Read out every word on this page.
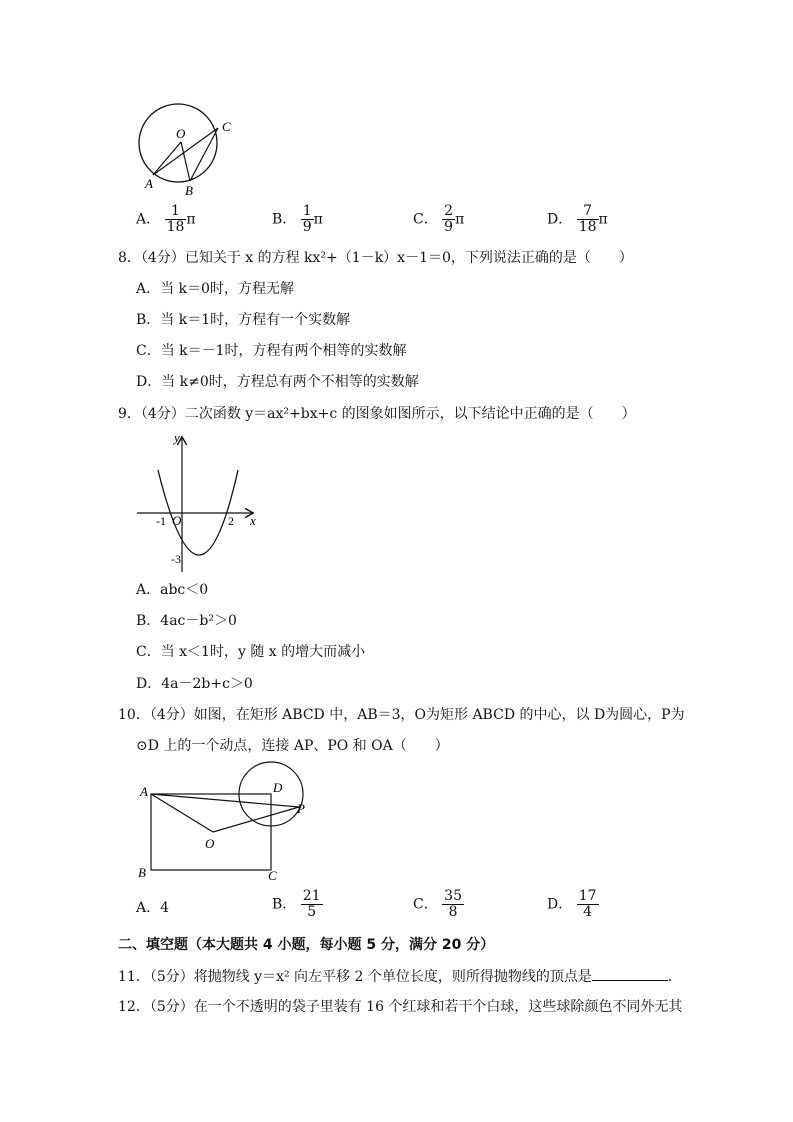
O	C
A B
A． $\frac{1}{18}$ π	B． $\frac{1}{9}$ π	C． $\frac{2}{9}$ π	D． $\frac{7}{18}$ π
8．（4分）已知关于 x 的方程 kx²+（1－k）x－1＝0，下列说法正确的是（　　）
A．当 k＝0时，方程无解
B．当 k＝1时，方程有一个实数解
C．当 k＝－1时，方程有两个相等的实数解
D．当 k≠0时，方程总有两个不相等的实数解
9．（4分）二次函数 y＝ax²+bx+c 的图象如图所示，以下结论中正确的是（　　）
y
x
O
-1	2
-3
A．abc＜0
B．4ac－b²＞0
C．当 x＜1时，y 随 x 的增大而减小
D．4a－2b+c＞0
10．（4分）如图，在矩形 ABCD 中，AB＝3，O为矩形 ABCD 的中心，以 D为圆心，P为
⊙D 上的一个动点，连接 AP、PO 和 OA（　　）
A	D
P
O
B	C
A．4	B． $\frac{21}{5}$	C． $\frac{35}{8}$	D． $\frac{17}{4}$
二、填空题（本大题共 4 小题，每小题 5 分，满分 20 分）
11．（5分）将抛物线 y＝x² 向左平移 2 个单位长度，则所得抛物线的顶点是	．
12．（5分）在一个不透明的袋子里装有 16 个红球和若干个白球，这些球除颜色不同外无其
